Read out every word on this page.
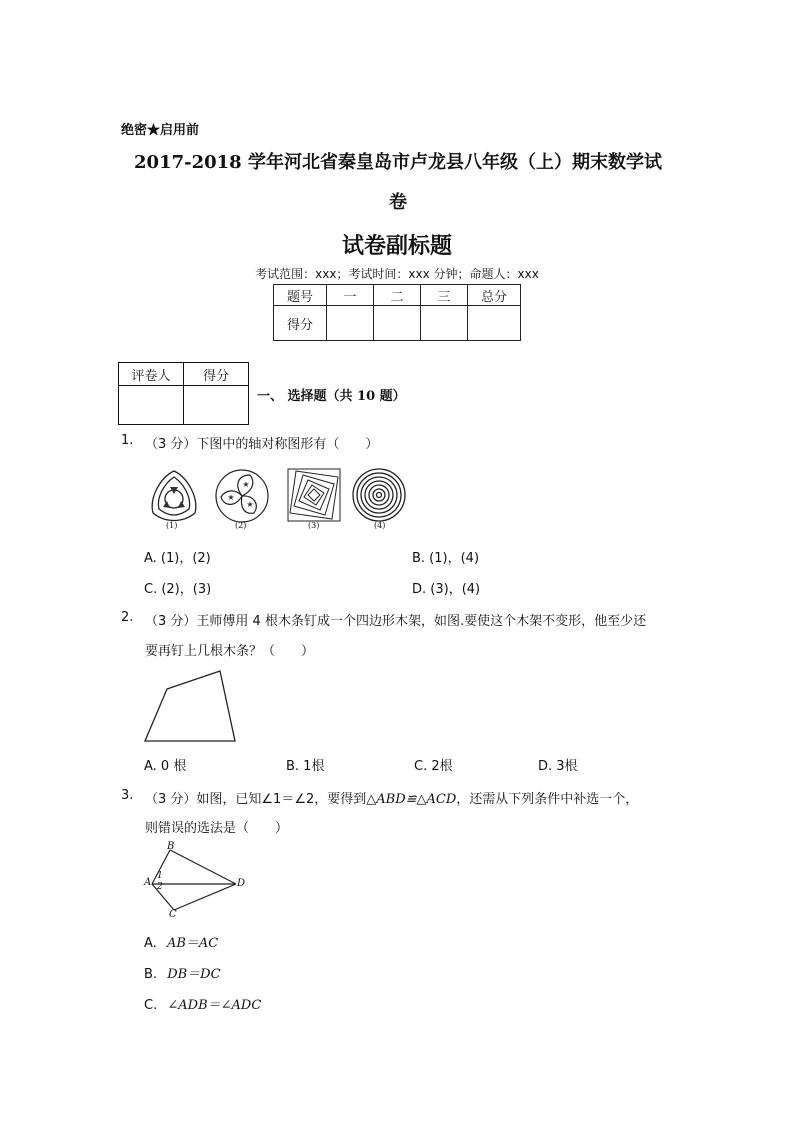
绝密★启用前
2017-2018 学年河北省秦皇岛市卢龙县八年级（上）期末数学试
卷
试卷副标题
考试范围：xxx；考试时间：xxx 分钟；命题人：xxx
题号	一	二	三	总分
得分				
评卷人	得分

一、 选择题（共 10 题）
1. （3 分）下图中的轴对称图形有（　　）
(1)
★
★
★
(2)	(3)	(4)
A. (1)，(2)	B. (1)，(4)
C. (2)，(3)	D. (3)，(4)
2. （3 分）王师傅用 4 根木条钉成一个四边形木架，如图.要使这个木架不变形，他至少还
要再钉上几根木条？（　　）
A. 0 根	B. 1根	C. 2根	D. 3根
3. （3 分）如图，已知∠1＝∠2，要得到△ABD≌△ACD，还需从下列条件中补选一个，
则错误的选法是（　　）
B
A
1
2	D
C
A. AB＝AC
B. DB＝DC
C. ∠ADB＝∠ADC
